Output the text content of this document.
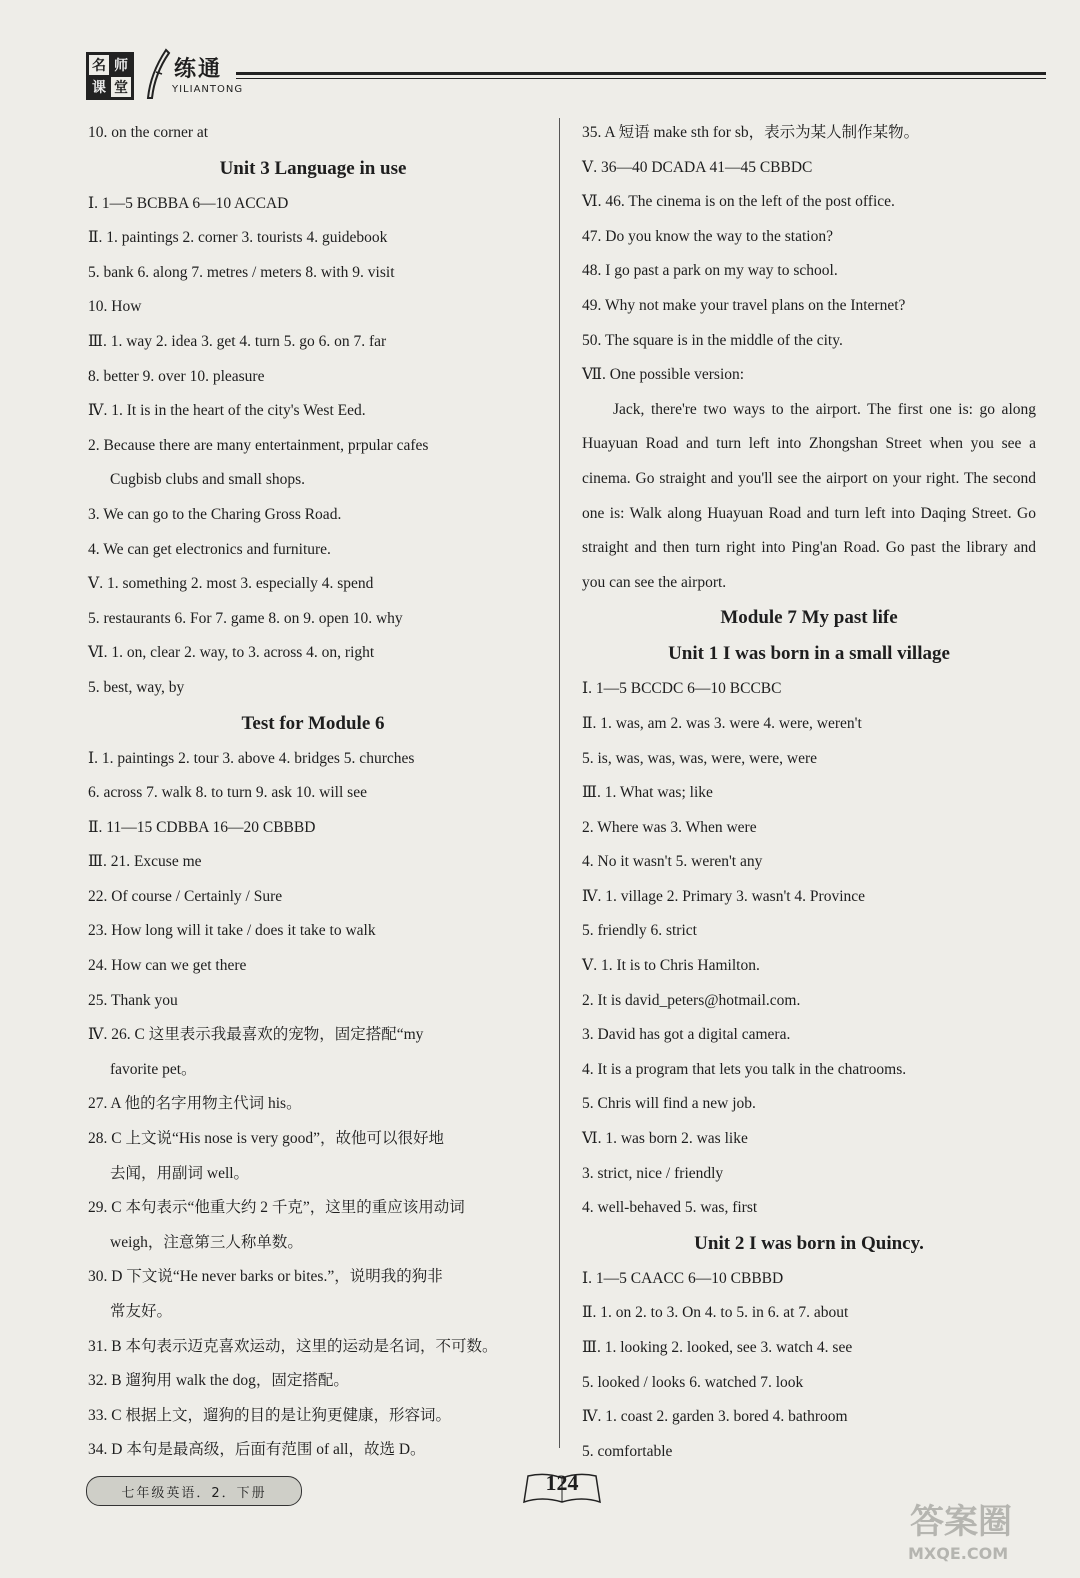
名 师
课 堂
练通
YILIANTONG
10. on the corner at
Unit 3 Language in use
Ⅰ. 1—5 BCBBA 6—10 ACCAD
Ⅱ. 1. paintings 2. corner 3. tourists 4. guidebook
5. bank 6. along 7. metres / meters 8. with 9. visit
10. How
Ⅲ. 1. way 2. idea 3. get 4. turn 5. go 6. on 7. far
8. better 9. over 10. pleasure
Ⅳ. 1. It is in the heart of the city's West Eed.
2. Because there are many entertainment, prpular cafes
Cugbisb clubs and small shops.
3. We can go to the Charing Gross Road.
4. We can get electronics and furniture.
Ⅴ. 1. something 2. most 3. especially 4. spend
5. restaurants 6. For 7. game 8. on 9. open 10. why
Ⅵ. 1. on, clear 2. way, to 3. across 4. on, right
5. best, way, by
Test for Module 6
Ⅰ. 1. paintings 2. tour 3. above 4. bridges 5. churches
6. across 7. walk 8. to turn 9. ask 10. will see
Ⅱ. 11—15 CDBBA 16—20 CBBBD
Ⅲ. 21. Excuse me
22. Of course / Certainly / Sure
23. How long will it take / does it take to walk
24. How can we get there
25. Thank you
Ⅳ. 26. C 这里表示我最喜欢的宠物，固定搭配“my
favorite pet。
27. A 他的名字用物主代词 his。
28. C 上文说“His nose is very good”，故他可以很好地
去闻，用副词 well。
29. C 本句表示“他重大约 2 千克”，这里的重应该用动词
weigh，注意第三人称单数。
30. D 下文说“He never barks or bites.”，说明我的狗非
常友好。
31. B 本句表示迈克喜欢运动，这里的运动是名词，不可数。
32. B 遛狗用 walk the dog，固定搭配。
33. C 根据上文，遛狗的目的是让狗更健康，形容词。
34. D 本句是最高级，后面有范围 of all，故选 D。
35. A 短语 make sth for sb，表示为某人制作某物。
Ⅴ. 36—40 DCADA 41—45 CBBDC
Ⅵ. 46. The cinema is on the left of the post office.
47. Do you know the way to the station?
48. I go past a park on my way to school.
49. Why not make your travel plans on the Internet?
50. The square is in the middle of the city.
Ⅶ. One possible version:
Jack, there're two ways to the airport. The first one is: go along Huayuan Road and turn left into Zhongshan Street when you see a cinema. Go straight and you'll see the airport on your right. The second one is: Walk along Huayuan Road and turn left into Daqing Street. Go straight and then turn right into Ping'an Road. Go past the library and you can see the airport.
Module 7 My past life
Unit 1 I was born in a small village
Ⅰ. 1—5 BCCDC 6—10 BCCBC
Ⅱ. 1. was, am 2. was 3. were 4. were, weren't
5. is, was, was, was, were, were, were
Ⅲ. 1. What was; like
2. Where was 3. When were
4. No it wasn't 5. weren't any
Ⅳ. 1. village 2. Primary 3. wasn't 4. Province
5. friendly 6. strict
Ⅴ. 1. It is to Chris Hamilton.
2. It is david_peters@hotmail.com.
3. David has got a digital camera.
4. It is a program that lets you talk in the chatrooms.
5. Chris will find a new job.
Ⅵ. 1. was born 2. was like
3. strict, nice / friendly
4. well-behaved 5. was, first
Unit 2 I was born in Quincy.
Ⅰ. 1—5 CAACC 6—10 CBBBD
Ⅱ. 1. on 2. to 3. On 4. to 5. in 6. at 7. about
Ⅲ. 1. looking 2. looked, see 3. watch 4. see
5. looked / looks 6. watched 7. look
Ⅳ. 1. coast 2. garden 3. bored 4. bathroom
5. comfortable
七年级英语．2．下册	124
答案圈
MXQE.COM
